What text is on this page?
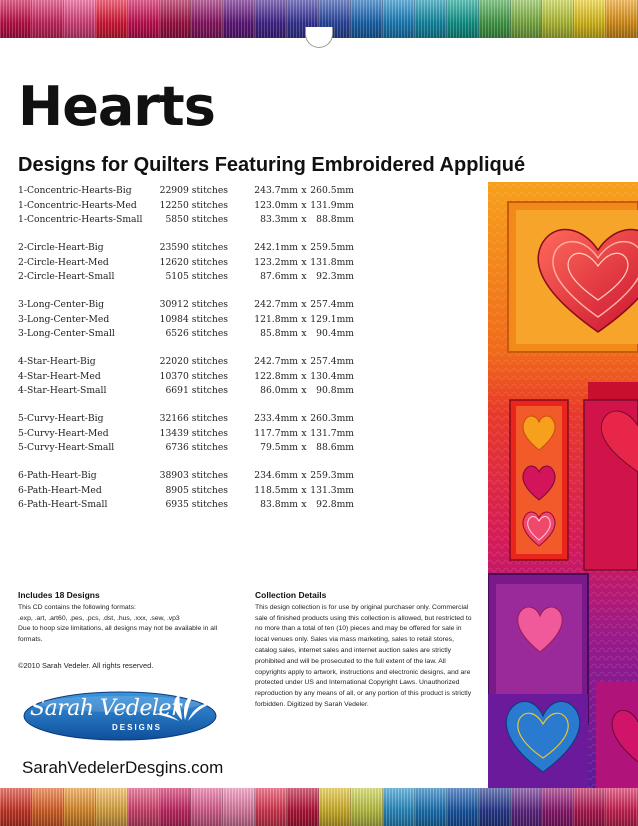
Hearts
Designs for Quilters Featuring Embroidered Appliqué
1-Concentric-Hearts-Big	22909 stitches	243.7mm x 260.5mm
1-Concentric-Hearts-Med	12250 stitches	123.0mm x 131.9mm
1-Concentric-Hearts-Small	5850 stitches	83.3mm x	88.8mm
2-Circle-Heart-Big	23590 stitches	242.1mm x 259.5mm
2-Circle-Heart-Med	12620 stitches	123.2mm x 131.8mm
2-Circle-Heart-Small	5105 stitches	87.6mm x	92.3mm
3-Long-Center-Big	30912 stitches	242.7mm x 257.4mm
3-Long-Center-Med	10984 stitches	121.8mm x 129.1mm
3-Long-Center-Small	6526 stitches	85.8mm x	90.4mm
4-Star-Heart-Big	22020 stitches	242.7mm x 257.4mm
4-Star-Heart-Med	10370 stitches	122.8mm x 130.4mm
4-Star-Heart-Small	6691 stitches	86.0mm x	90.8mm
5-Curvy-Heart-Big	32166 stitches	233.4mm x 260.3mm
5-Curvy-Heart-Med	13439 stitches	117.7mm x 131.7mm
5-Curvy-Heart-Small	6736 stitches	79.5mm x	88.6mm
6-Path-Heart-Big	38903 stitches	234.6mm x 259.3mm
6-Path-Heart-Med	8905 stitches	118.5mm x 131.3mm
6-Path-Heart-Small	6935 stitches	83.8mm x	92.8mm
Includes 18 Designs

This CD contains the following formats:

.exp, .art, .art60, .pes, .pcs, .dst, .hus, .xxx, .sew, .vp3

Due to hoop size limitations, all designs may not be available in all formats.

©2010 Sarah Vedeler. All rights reserved.
Collection Details

This design collection is for use by original purchaser only. Commercial sale of finished products using this collection is allowed, but restricted to no more than a total of ten (10) pieces and may be offered for sale in local venues only. Sales via mass marketing, sales to retail stores, catalog sales, internet sales and internet auction sales are strictly prohibited and will be prosecuted to the full extent of the law. All copyrights apply to artwork, instructions and electronic designs, and are protected under US and International Copyright Laws. Unauthorized reproduction by any means of all, or any portion of this product is strictly forbidden. Digitized by Sarah Vedeler.

Sarah Vedeler
DESIGNS
SarahVedelerDesgins.com
